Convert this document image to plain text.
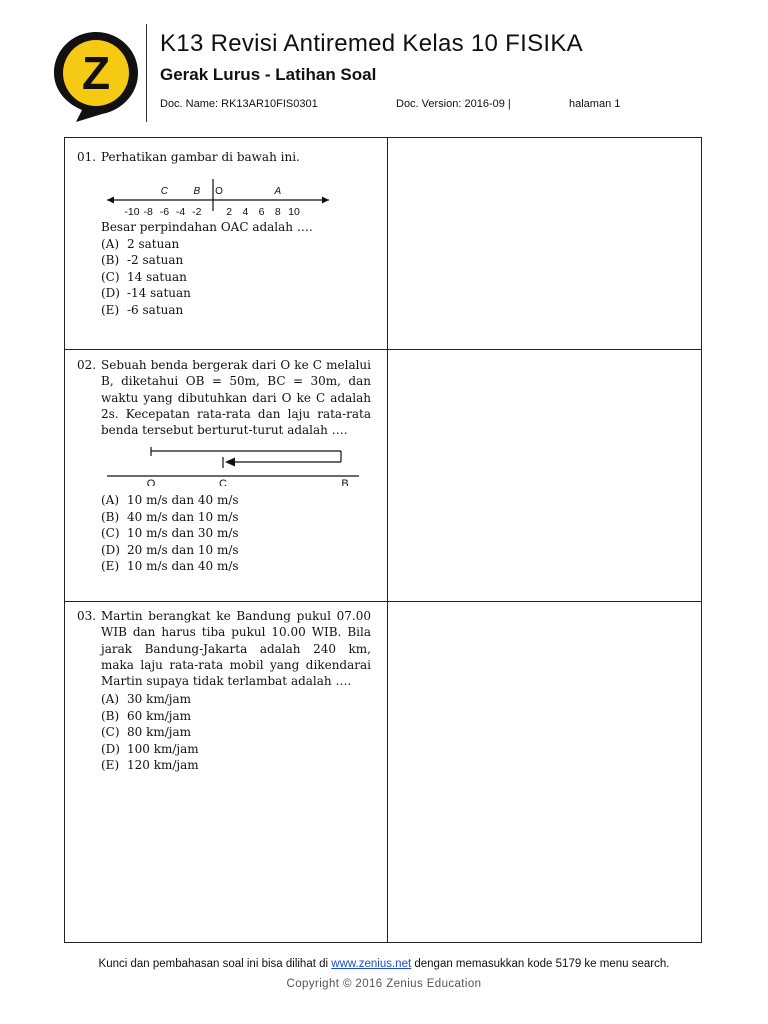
Z
K13 Revisi Antiremed Kelas 10 FISIKA
Gerak Lurus - Latihan Soal
Doc. Name: RK13AR10FIS0301	Doc. Version: 2016-09 |	halaman 1
01. Perhatikan gambar di bawah ini.
-10 -8 -6 -4 -2 2 4 6 8 10
C	B O	A
Besar perpindahan OAC adalah ….
(A) 2 satuan
(B) -2 satuan
(C) 14 satuan
(D) -14 satuan
(E) -6 satuan
02. Sebuah benda bergerak dari O ke C melalui B, diketahui OB = 50m, BC = 30m, dan waktu yang dibutuhkan dari O ke C adalah 2s. Kecepatan rata-rata dan laju rata-rata benda tersebut berturut-turut adalah ….
O	C	B
(A) 10 m/s dan 40 m/s
(B) 40 m/s dan 10 m/s
(C) 10 m/s dan 30 m/s
(D) 20 m/s dan 10 m/s
(E) 10 m/s dan 40 m/s
03. Martin berangkat ke Bandung pukul 07.00 WIB dan harus tiba pukul 10.00 WIB. Bila jarak Bandung-Jakarta adalah 240 km, maka laju rata-rata mobil yang dikendarai Martin supaya tidak terlambat adalah ….
(A) 30 km/jam
(B) 60 km/jam
(C) 80 km/jam
(D) 100 km/jam
(E) 120 km/jam
Kunci dan pembahasan soal ini bisa dilihat di www.zenius.net dengan memasukkan kode 5179 ke menu search.
Copyright © 2016 Zenius Education
